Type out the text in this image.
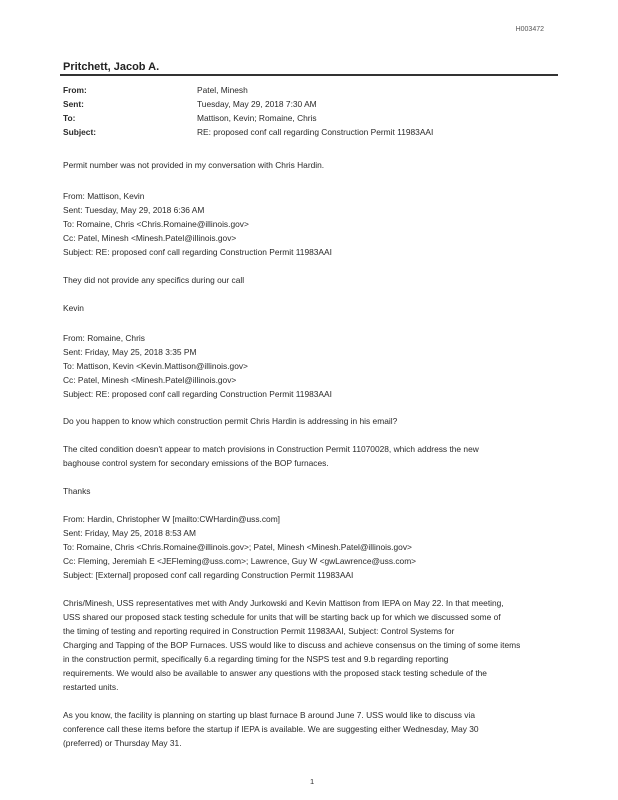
H003472
Pritchett, Jacob A.
From:	Patel, Minesh
Sent:	Tuesday, May 29, 2018 7:30 AM
To:	Mattison, Kevin; Romaine, Chris
Subject:	RE: proposed conf call regarding Construction Permit 11983AAI
Permit number was not provided in my conversation with Chris Hardin.
From: Mattison, Kevin
Sent: Tuesday, May 29, 2018 6:36 AM
To: Romaine, Chris <Chris.Romaine@illinois.gov>
Cc: Patel, Minesh <Minesh.Patel@illinois.gov>
Subject: RE: proposed conf call regarding Construction Permit 11983AAI
They did not provide any specifics during our call
Kevin
From: Romaine, Chris
Sent: Friday, May 25, 2018 3:35 PM
To: Mattison, Kevin <Kevin.Mattison@illinois.gov>
Cc: Patel, Minesh <Minesh.Patel@illinois.gov>
Subject: RE: proposed conf call regarding Construction Permit 11983AAI
Do you happen to know which construction permit Chris Hardin is addressing in his email?
The cited condition doesn't appear to match provisions in Construction Permit 11070028, which address the new
baghouse control system for secondary emissions of the BOP furnaces.
Thanks
From: Hardin, Christopher W [mailto:CWHardin@uss.com]
Sent: Friday, May 25, 2018 8:53 AM
To: Romaine, Chris <Chris.Romaine@illinois.gov>; Patel, Minesh <Minesh.Patel@illinois.gov>
Cc: Fleming, Jeremiah E <JEFleming@uss.com>; Lawrence, Guy W <gwLawrence@uss.com>
Subject: [External] proposed conf call regarding Construction Permit 11983AAI
Chris/Minesh, USS representatives met with Andy Jurkowski and Kevin Mattison from IEPA on May 22. In that meeting,
USS shared our proposed stack testing schedule for units that will be starting back up for which we discussed some of
the timing of testing and reporting required in Construction Permit 11983AAI, Subject: Control Systems for
Charging and Tapping of the BOP Furnaces. USS would like to discuss and achieve consensus on the timing of some items
in the construction permit, specifically 6.a regarding timing for the NSPS test and 9.b regarding reporting
requirements. We would also be available to answer any questions with the proposed stack testing schedule of the
restarted units.
As you know, the facility is planning on starting up blast furnace B around June 7. USS would like to discuss via
conference call these items before the startup if IEPA is available. We are suggesting either Wednesday, May 30
(preferred) or Thursday May 31.
1
